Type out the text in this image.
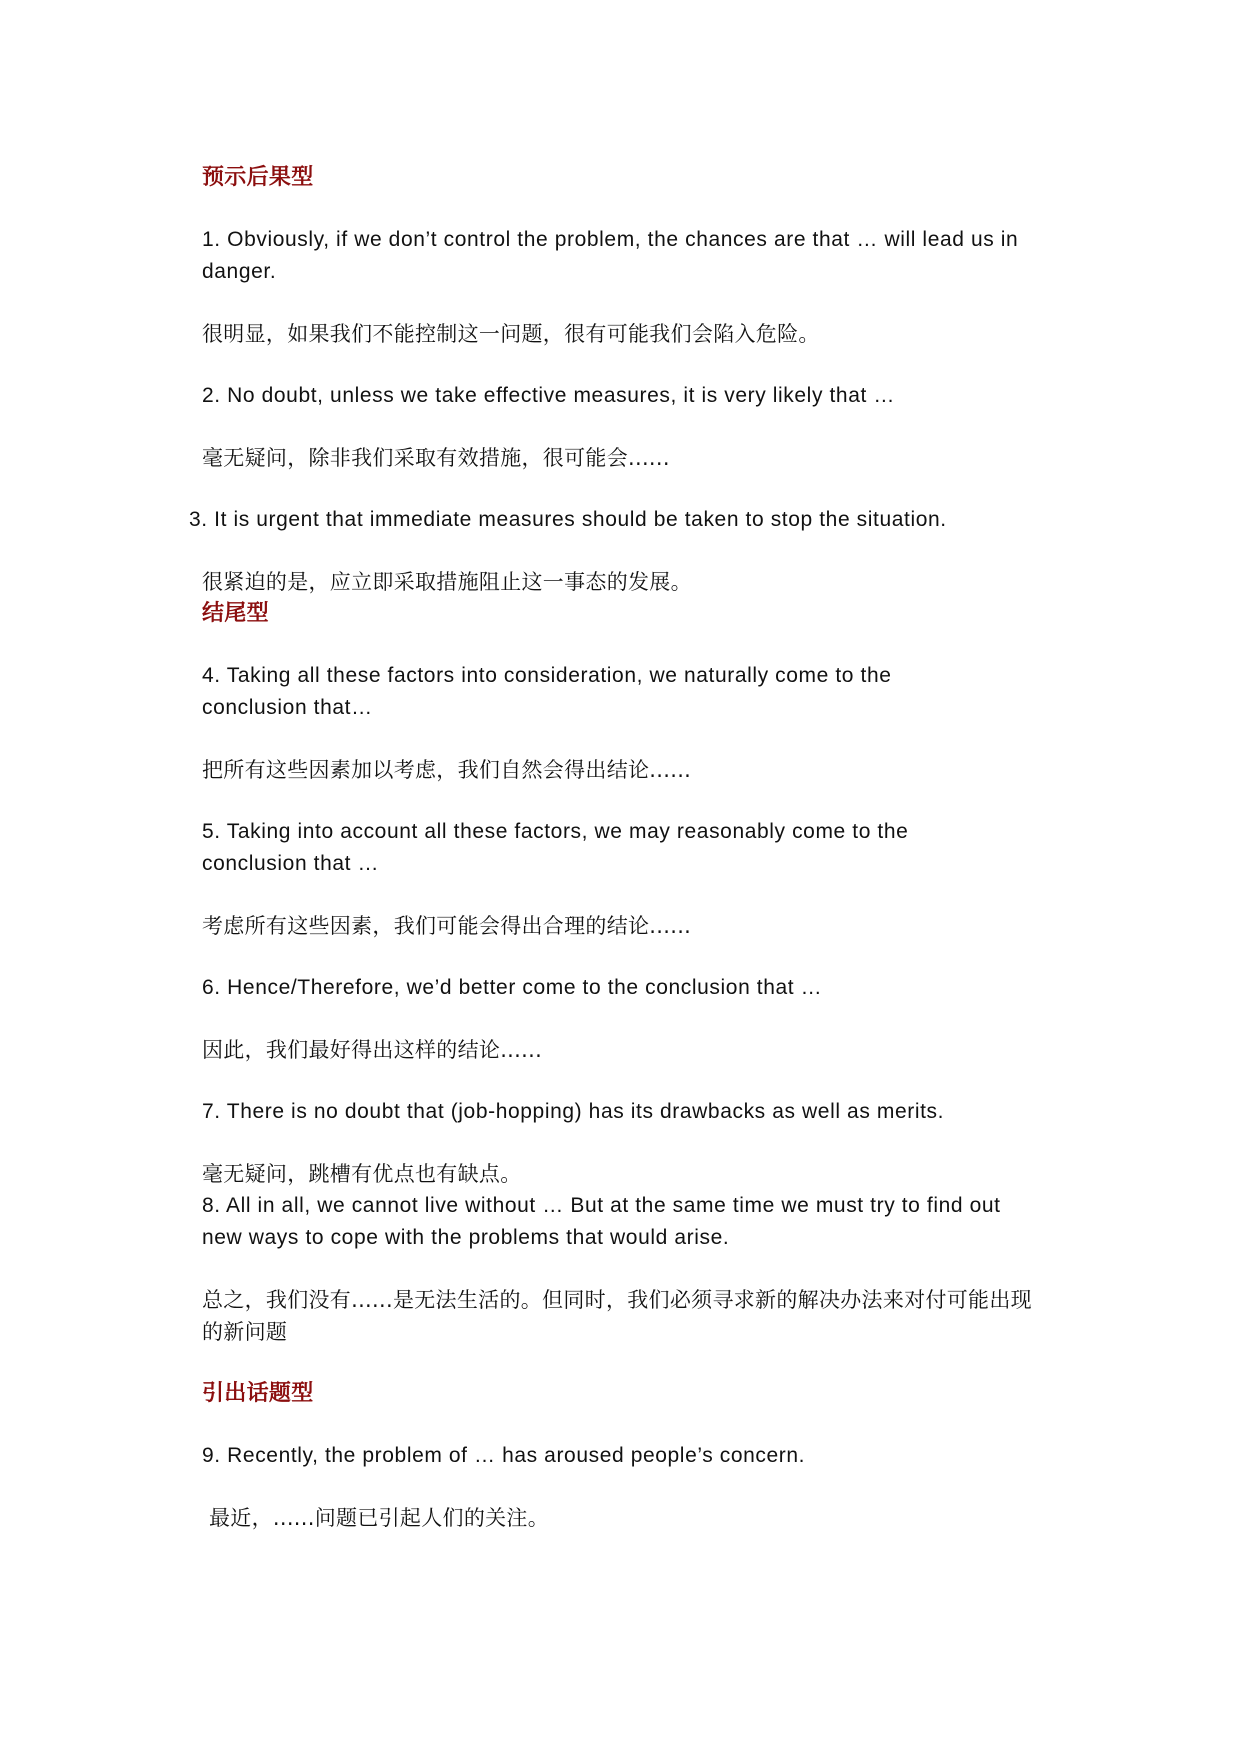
预示后果型
1. Obviously, if we don’t control the problem, the chances are that … will lead us in danger.
很明显，如果我们不能控制这一问题，很有可能我们会陷入危险。
2. No doubt, unless we take effective measures, it is very likely that …
毫无疑问，除非我们采取有效措施，很可能会......
3. It is urgent that immediate measures should be taken to stop the situation.
很紧迫的是，应立即采取措施阻止这一事态的发展。
结尾型
4. Taking all these factors into consideration, we naturally come to the conclusion that…
把所有这些因素加以考虑，我们自然会得出结论......
5. Taking into account all these factors, we may reasonably come to the conclusion that …
考虑所有这些因素，我们可能会得出合理的结论......
6. Hence/Therefore, we’d better come to the conclusion that …
因此，我们最好得出这样的结论......
7. There is no doubt that (job-hopping) has its drawbacks as well as merits.
毫无疑问，跳槽有优点也有缺点。
8. All in all, we cannot live without … But at the same time we must try to find out new ways to cope with the problems that would arise.
总之，我们没有......是无法生活的。但同时，我们必须寻求新的解决办法来对付可能出现的新问题
引出话题型
9. Recently, the problem of … has aroused people’s concern.
最近，......问题已引起人们的关注。
